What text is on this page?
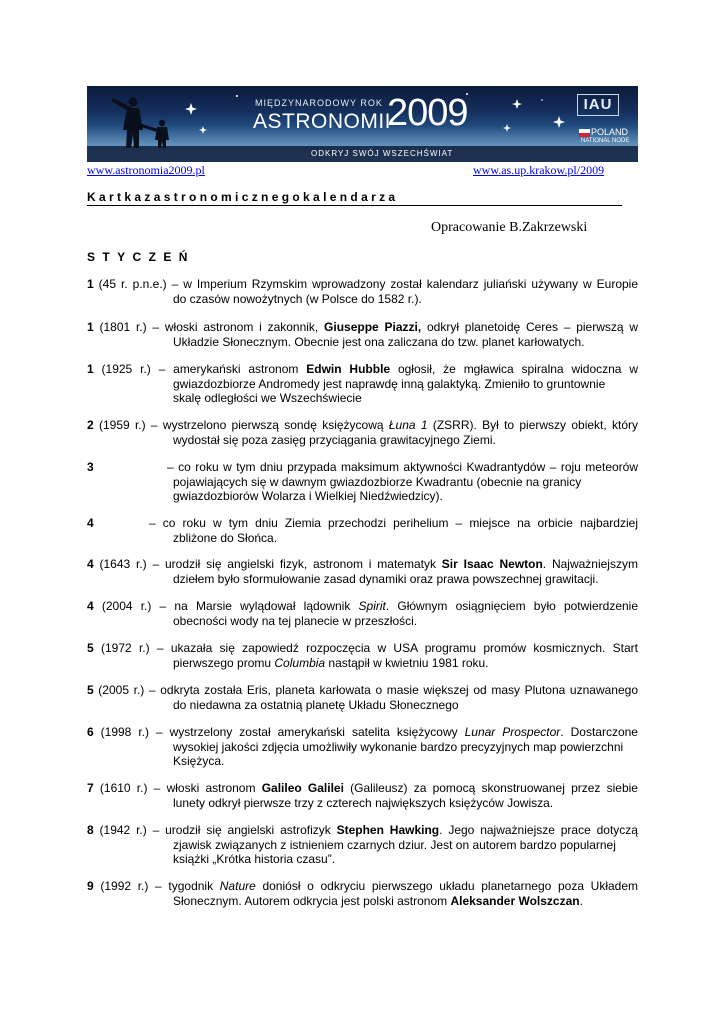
MIĘDZYNARODOWY ROK
ASTRONOMII
2009
ODKRYJ SWÓJ WSZECHŚWIAT
IAU
POLAND
NATIONAL NODE
www.astronomia2009.pl	www.as.up.krakow.pl/2009
K a r t k a z a s t r o n o m i c z n e g o k a l e n d a r z a
Opracowanie B.Zakrzewski
STYCZEŃ
1 (45 r. p.n.e.) – w Imperium Rzymskim wprowadzony został kalendarz juliański używany w Europie
do czasów nowożytnych (w Polsce do 1582 r.).
1 (1801 r.) – włoski astronom i zakonnik, Giuseppe Piazzi, odkrył planetoidę Ceres – pierwszą w
Układzie Słonecznym. Obecnie jest ona zaliczana do tzw. planet karłowatych.
1 (1925 r.) – amerykański astronom Edwin Hubble ogłosił, że mgławica spiralna widoczna w
gwiazdozbiorze Andromedy jest naprawdę inną galaktyką. Zmieniło to gruntownie
skalę odległości we Wszechświecie
2 (1959 r.) – wystrzelono pierwszą sondę księżycową Łuna 1 (ZSRR). Był to pierwszy obiekt, który
wydostał się poza zasięg przyciągania grawitacyjnego Ziemi.
3	– co roku w tym dniu przypada maksimum aktywności Kwadrantydów – roju meteorów
pojawiających się w dawnym gwiazdozbiorze Kwadrantu (obecnie na granicy
gwiazdozbiorów Wolarza i Wielkiej Niedźwiedzicy).
4	– co roku w tym dniu Ziemia przechodzi perihelium – miejsce na orbicie najbardziej
zbliżone do Słońca.
4 (1643 r.) – urodził się angielski fizyk, astronom i matematyk Sir Isaac Newton. Najważniejszym
dziełem było sformułowanie zasad dynamiki oraz prawa powszechnej grawitacji.
4 (2004 r.) – na Marsie wylądował lądownik Spirit. Głównym osiągnięciem było potwierdzenie
obecności wody na tej planecie w przeszłości.
5 (1972 r.) – ukazała się zapowiedź rozpoczęcia w USA programu promów kosmicznych. Start
pierwszego promu Columbia nastąpił w kwietniu 1981 roku.
5 (2005 r.) – odkryta została Eris, planeta karłowata o masie większej od masy Plutona uznawanego
do niedawna za ostatnią planetę Układu Słonecznego
6 (1998 r.) – wystrzelony został amerykański satelita księżycowy Lunar Prospector. Dostarczone
wysokiej jakości zdjęcia umożliwiły wykonanie bardzo precyzyjnych map powierzchni
Księżyca.
7 (1610 r.) – włoski astronom Galileo Galilei (Galileusz) za pomocą skonstruowanej przez siebie
lunety odkrył pierwsze trzy z czterech największych księżyców Jowisza.
8 (1942 r.) – urodził się angielski astrofizyk Stephen Hawking. Jego najważniejsze prace dotyczą
zjawisk związanych z istnieniem czarnych dziur. Jest on autorem bardzo popularnej
książki „Krótka historia czasu”.
9 (1992 r.) – tygodnik Nature doniósł o odkryciu pierwszego układu planetarnego poza Układem
Słonecznym. Autorem odkrycia jest polski astronom Aleksander Wolszczan.
